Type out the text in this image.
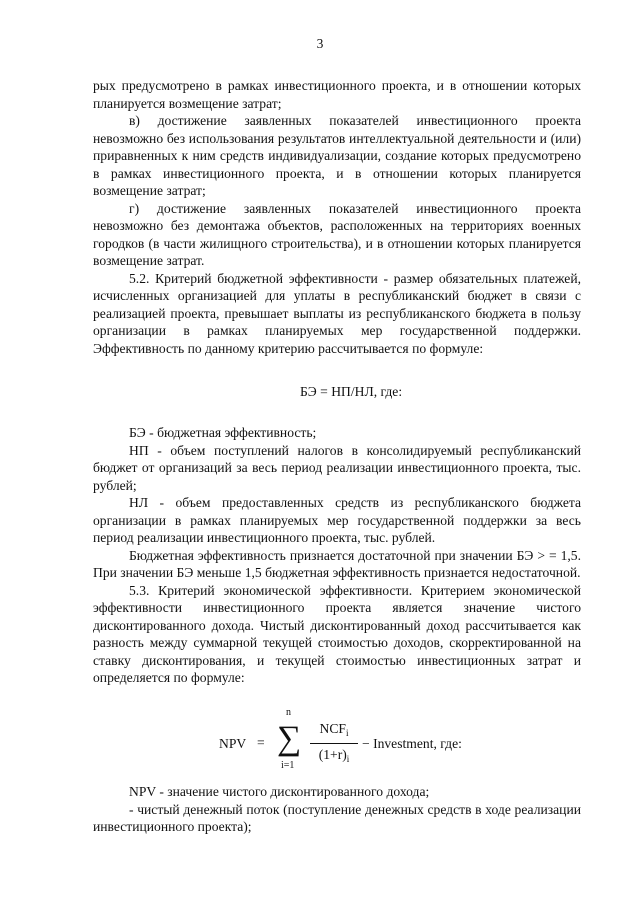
3

рых предусмотрено в рамках инвестиционного проекта, и в отношении которых планируется возмещение затрат;

в) достижение заявленных показателей инвестиционного проекта невозможно без использования результатов интеллектуальной деятельности и (или) приравненных к ним средств индивидуализации, создание которых предусмотрено в рамках инвестиционного проекта, и в отношении которых планируется возмещение затрат;

г) достижение заявленных показателей инвестиционного проекта невозможно без демонтажа объектов, расположенных на территориях военных городков (в части жилищного строительства), и в отношении которых планируется возмещение затрат.

5.2. Критерий бюджетной эффективности - размер обязательных платежей, исчисленных организацией для уплаты в республиканский бюджет в связи с реализацией проекта, превышает выплаты из республиканского бюджета в пользу организации в рамках планируемых мер государственной поддержки. Эффективность по данному критерию рассчитывается по формуле:

БЭ = НП/НЛ, где:

БЭ - бюджетная эффективность;

НП - объем поступлений налогов в консолидируемый республиканский бюджет от организаций за весь период реализации инвестиционного проекта, тыс. рублей;

НЛ - объем предоставленных средств из республиканского бюджета организации в рамках планируемых мер государственной поддержки за весь период реализации инвестиционного проекта, тыс. рублей.

Бюджетная эффективность признается достаточной при значении БЭ > = 1,5. При значении БЭ меньше 1,5 бюджетная эффективность признается недостаточной.

5.3. Критерий экономической эффективности. Критерием экономической эффективности инвестиционного проекта является значение чистого дисконтированного дохода. Чистый дисконтированный доход рассчитывается как разность между суммарной текущей стоимостью доходов, скорректированной на ставку дисконтирования, и текущей стоимостью инвестиционных затрат и определяется по формуле:

NPV =
n
∑
i=1
$NCF_i$
$(1+r)_i$
− Investment, где:

NPV - значение чистого дисконтированного дохода;

- чистый денежный поток (поступление денежных средств в ходе реализации инвестиционного проекта);
